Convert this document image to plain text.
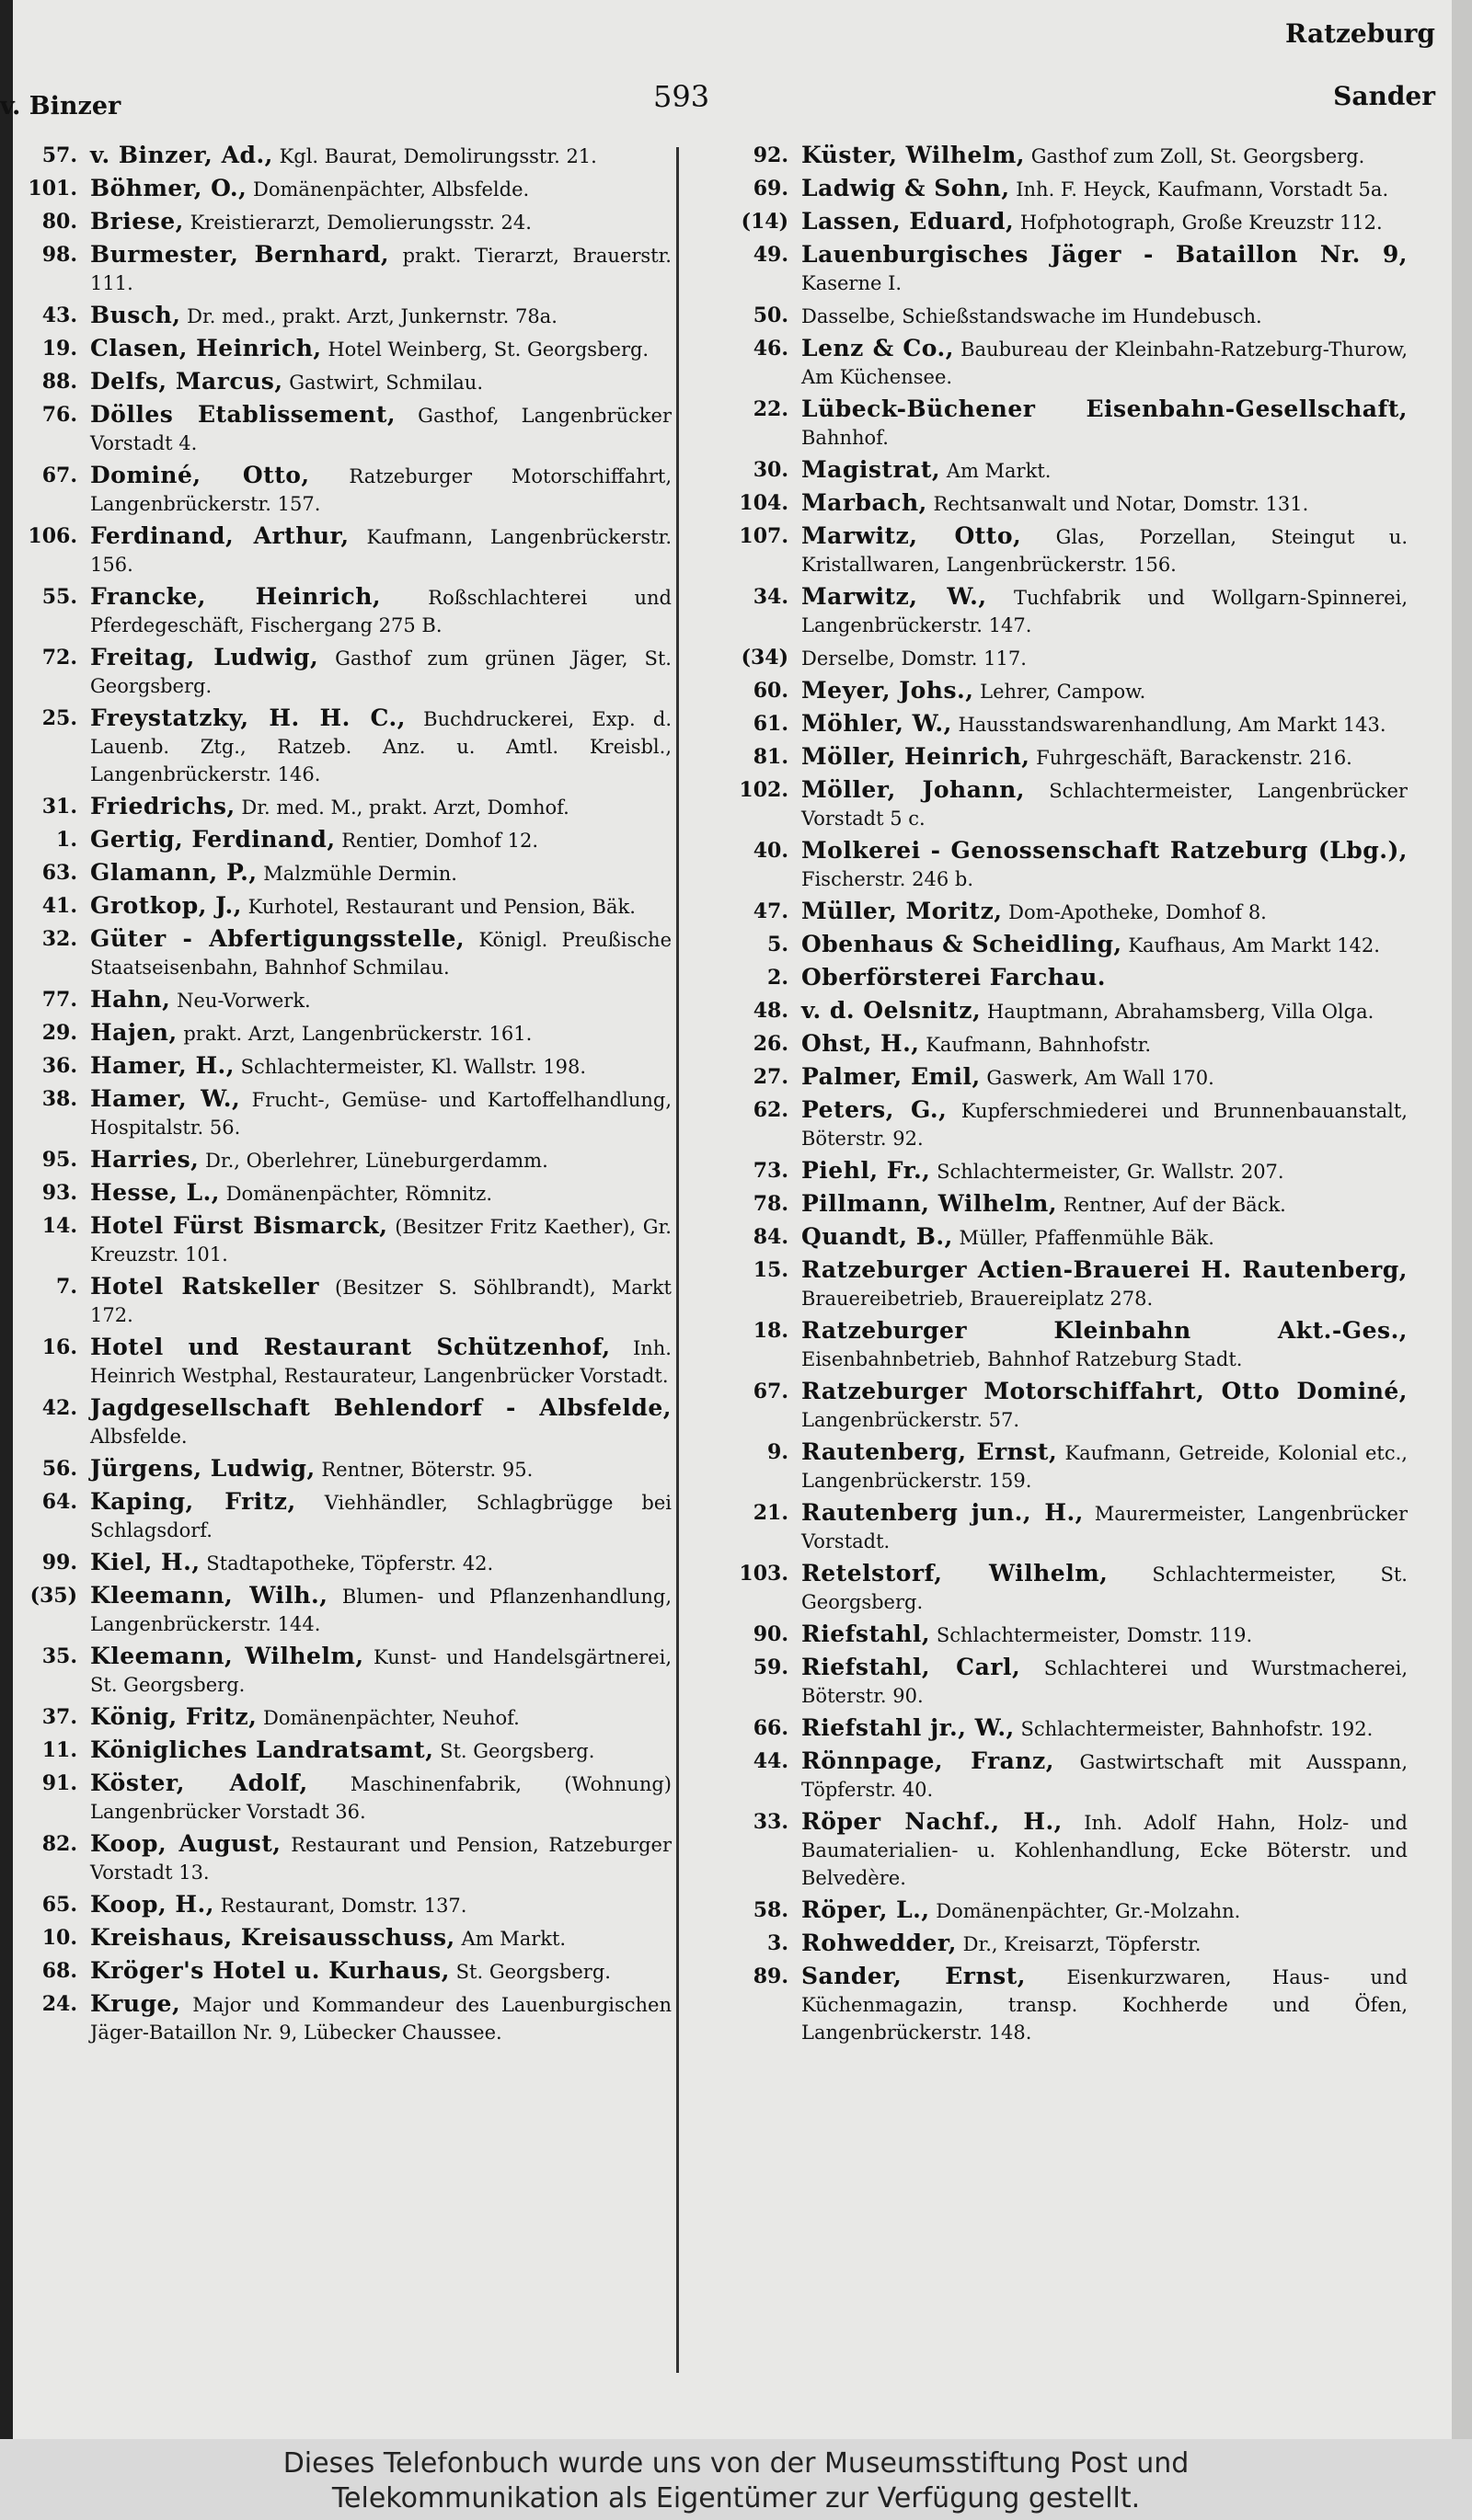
Ratzeburg
593
v. Binzer	Sander
57. v. Binzer, Ad., Kgl. Baurat, Demolirungsstr. 21.
101. Böhmer, O., Domänenpächter, Albsfelde.
80. Briese, Kreistierarzt, Demolierungsstr. 24.
98. Burmester, Bernhard, prakt. Tierarzt, Brauerstr. 111.
43. Busch, Dr. med., prakt. Arzt, Junkernstr. 78a.
19. Clasen, Heinrich, Hotel Weinberg, St. Georgsberg.
88. Delfs, Marcus, Gastwirt, Schmilau.
76. Dölles Etablissement, Gasthof, Langenbrücker Vorstadt 4.
67. Dominé, Otto, Ratzeburger Motorschiffahrt, Langenbrückerstr. 157.
106. Ferdinand, Arthur, Kaufmann, Langenbrückerstr. 156.
55. Francke, Heinrich, Roßschlachterei und Pferdegeschäft, Fischergang 275 B.
72. Freitag, Ludwig, Gasthof zum grünen Jäger, St. Georgsberg.
25. Freystatzky, H. H. C., Buchdruckerei, Exp. d. Lauenb. Ztg., Ratzeb. Anz. u. Amtl. Kreisbl., Langenbrückerstr. 146.
31. Friedrichs, Dr. med. M., prakt. Arzt, Domhof.
1. Gertig, Ferdinand, Rentier, Domhof 12.
63. Glamann, P., Malzmühle Dermin.
41. Grotkop, J., Kurhotel, Restaurant und Pension, Bäk.
32. Güter - Abfertigungsstelle, Königl. Preußische Staatseisenbahn, Bahnhof Schmilau.
77. Hahn, Neu-Vorwerk.
29. Hajen, prakt. Arzt, Langenbrückerstr. 161.
36. Hamer, H., Schlachtermeister, Kl. Wallstr. 198.
38. Hamer, W., Frucht-, Gemüse- und Kartoffelhandlung, Hospitalstr. 56.
95. Harries, Dr., Oberlehrer, Lüneburgerdamm.
93. Hesse, L., Domänenpächter, Römnitz.
14. Hotel Fürst Bismarck, (Besitzer Fritz Kaether), Gr. Kreuzstr. 101.
7. Hotel Ratskeller (Besitzer S. Söhlbrandt), Markt 172.
16. Hotel und Restaurant Schützenhof, Inh. Heinrich Westphal, Restaurateur, Langenbrücker Vorstadt.
42. Jagdgesellschaft Behlendorf - Albsfelde, Albsfelde.
56. Jürgens, Ludwig, Rentner, Böterstr. 95.
64. Kaping, Fritz, Viehhändler, Schlagbrügge bei Schlagsdorf.
99. Kiel, H., Stadtapotheke, Töpferstr. 42.
(35) Kleemann, Wilh., Blumen- und Pflanzenhandlung, Langenbrückerstr. 144.
35. Kleemann, Wilhelm, Kunst- und Handelsgärtnerei, St. Georgsberg.
37. König, Fritz, Domänenpächter, Neuhof.
11. Königliches Landratsamt, St. Georgsberg.
91. Köster, Adolf, Maschinenfabrik, (Wohnung) Langenbrücker Vorstadt 36.
82. Koop, August, Restaurant und Pension, Ratzeburger Vorstadt 13.
65. Koop, H., Restaurant, Domstr. 137.
10. Kreishaus, Kreisausschuss, Am Markt.
68. Kröger's Hotel u. Kurhaus, St. Georgsberg.
24. Kruge, Major und Kommandeur des Lauenburgischen Jäger-Bataillon Nr. 9, Lübecker Chaussee.
92. Küster, Wilhelm, Gasthof zum Zoll, St. Georgsberg.
69. Ladwig & Sohn, Inh. F. Heyck, Kaufmann, Vorstadt 5a.
(14) Lassen, Eduard, Hofphotograph, Große Kreuzstr 112.
49. Lauenburgisches Jäger - Bataillon Nr. 9, Kaserne I.
50. Dasselbe, Schießstandswache im Hundebusch.
46. Lenz & Co., Baubureau der Kleinbahn-Ratzeburg-Thurow, Am Küchensee.
22. Lübeck-Büchener Eisenbahn-Gesellschaft, Bahnhof.
30. Magistrat, Am Markt.
104. Marbach, Rechtsanwalt und Notar, Domstr. 131.
107. Marwitz, Otto, Glas, Porzellan, Steingut u. Kristallwaren, Langenbrückerstr. 156.
34. Marwitz, W., Tuchfabrik und Wollgarn-Spinnerei, Langenbrückerstr. 147.
(34) Derselbe, Domstr. 117.
60. Meyer, Johs., Lehrer, Campow.
61. Möhler, W., Hausstandswarenhandlung, Am Markt 143.
81. Möller, Heinrich, Fuhrgeschäft, Barackenstr. 216.
102. Möller, Johann, Schlachtermeister, Langenbrücker Vorstadt 5 c.
40. Molkerei - Genossenschaft Ratzeburg (Lbg.), Fischerstr. 246 b.
47. Müller, Moritz, Dom-Apotheke, Domhof 8.
5. Obenhaus & Scheidling, Kaufhaus, Am Markt 142.
2. Oberförsterei Farchau.
48. v. d. Oelsnitz, Hauptmann, Abrahamsberg, Villa Olga.
26. Ohst, H., Kaufmann, Bahnhofstr.
27. Palmer, Emil, Gaswerk, Am Wall 170.
62. Peters, G., Kupferschmiederei und Brunnenbauanstalt, Böterstr. 92.
73. Piehl, Fr., Schlachtermeister, Gr. Wallstr. 207.
78. Pillmann, Wilhelm, Rentner, Auf der Bäck.
84. Quandt, B., Müller, Pfaffenmühle Bäk.
15. Ratzeburger Actien-Brauerei H. Rautenberg, Brauereibetrieb, Brauereiplatz 278.
18. Ratzeburger Kleinbahn Akt.-Ges., Eisenbahnbetrieb, Bahnhof Ratzeburg Stadt.
67. Ratzeburger Motorschiffahrt, Otto Dominé, Langenbrückerstr. 57.
9. Rautenberg, Ernst, Kaufmann, Getreide, Kolonial etc., Langenbrückerstr. 159.
21. Rautenberg jun., H., Maurermeister, Langenbrücker Vorstadt.
103. Retelstorf, Wilhelm, Schlachtermeister, St. Georgsberg.
90. Riefstahl, Schlachtermeister, Domstr. 119.
59. Riefstahl, Carl, Schlachterei und Wurstmacherei, Böterstr. 90.
66. Riefstahl jr., W., Schlachtermeister, Bahnhofstr. 192.
44. Rönnpage, Franz, Gastwirtschaft mit Ausspann, Töpferstr. 40.
33. Röper Nachf., H., Inh. Adolf Hahn, Holz- und Baumaterialien- u. Kohlenhandlung, Ecke Böterstr. und Belvedère.
58. Röper, L., Domänenpächter, Gr.-Molzahn.
3. Rohwedder, Dr., Kreisarzt, Töpferstr.
89. Sander, Ernst, Eisenkurzwaren, Haus- und Küchenmagazin, transp. Kochherde und Öfen, Langenbrückerstr. 148.
Dieses Telefonbuch wurde uns von der Museumsstiftung Post und
Telekommunikation als Eigentümer zur Verfügung gestellt.
